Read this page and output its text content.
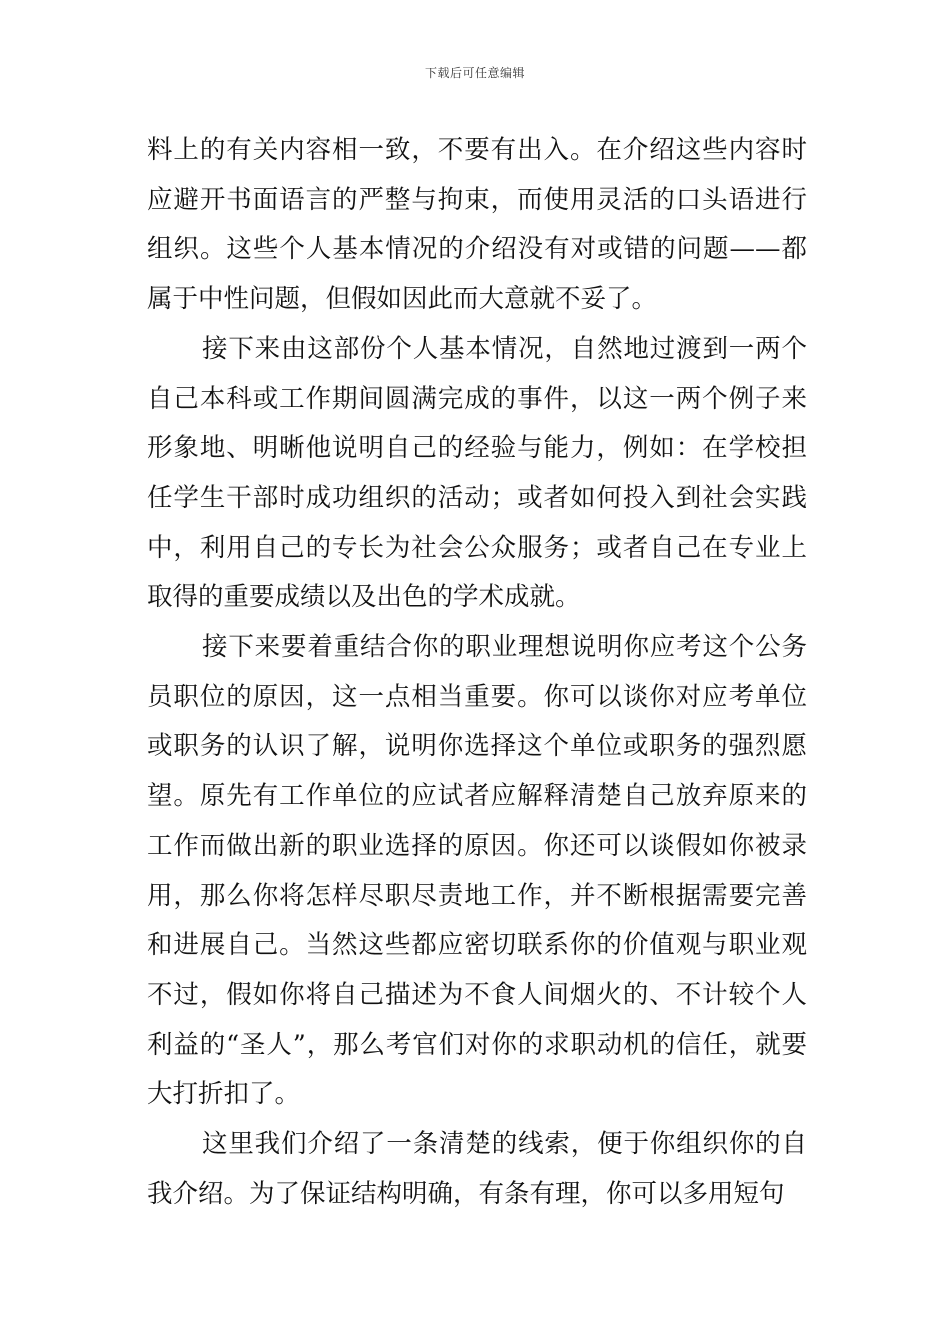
下载后可任意编辑

料上的有关内容相一致，不要有出入。在介绍这些内容时应避开书面语言的严整与拘束，而使用灵活的口头语进行组织。这些个人基本情况的介绍没有对或错的问题——都属于中性问题，但假如因此而大意就不妥了。

接下来由这部份个人基本情况，自然地过渡到一两个自己本科或工作期间圆满完成的事件，以这一两个例子来形象地、明晰他说明自己的经验与能力，例如：在学校担任学生干部时成功组织的活动；或者如何投入到社会实践中，利用自己的专长为社会公众服务；或者自己在专业上取得的重要成绩以及出色的学术成就。

接下来要着重结合你的职业理想说明你应考这个公务员职位的原因，这一点相当重要。你可以谈你对应考单位或职务的认识了解，说明你选择这个单位或职务的强烈愿望。原先有工作单位的应试者应解释清楚自己放弃原来的工作而做出新的职业选择的原因。你还可以谈假如你被录用，那么你将怎样尽职尽责地工作，并不断根据需要完善和进展自己。当然这些都应密切联系你的价值观与职业观不过，假如你将自己描述为不食人间烟火的、不计较个人利益的“圣人”，那么考官们对你的求职动机的信任，就要大打折扣了。

这里我们介绍了一条清楚的线索，便于你组织你的自我介绍。为了保证结构明确，有条有理，你可以多用短句
